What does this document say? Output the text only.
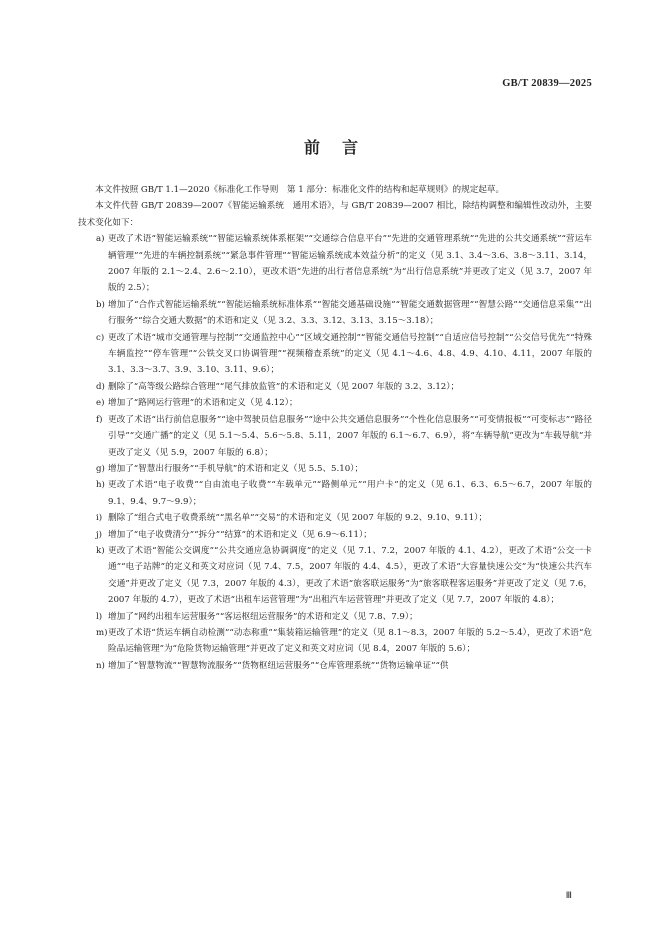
GB/T 20839—2025
前言

本文件按照 GB/T 1.1—2020《标准化工作导则　第 1 部分：标准化文件的结构和起草规则》的规定起草。

本文件代替 GB/T 20839—2007《智能运输系统　通用术语》，与 GB/T 20839—2007 相比，除结构调整和编辑性改动外，主要技术变化如下：

a) 更改了术语“智能运输系统”“智能运输系统体系框架”“交通综合信息平台”“先进的交通管理系统”“先进的公共交通系统”“营运车辆管理”“先进的车辆控制系统”“紧急事件管理”“智能运输系统成本效益分析”的定义（见 3.1、3.4～3.6、3.8～3.11、3.14，2007 年版的 2.1～2.4、2.6～2.10），更改术语“先进的出行者信息系统”为“出行信息系统”并更改了定义（见 3.7，2007 年版的 2.5）；
b) 增加了“合作式智能运输系统”“智能运输系统标准体系”“智能交通基础设施”“智能交通数据管理”“智慧公路”“交通信息采集”“出行服务”“综合交通大数据”的术语和定义（见 3.2、3.3、3.12、3.13、3.15～3.18）；
c) 更改了术语“城市交通管理与控制”“交通监控中心”“区域交通控制”“智能交通信号控制”“自适应信号控制”“公交信号优先”“特殊车辆监控”“停车管理”“公铁交叉口协调管理”“视频稽查系统”的定义（见 4.1～4.6、4.8、4.9、4.10、4.11，2007 年版的 3.1、3.3～3.7、3.9、3.10、3.11、9.6）；
d) 删除了“高等级公路综合管理”“尾气排放监管”的术语和定义（见 2007 年版的 3.2、3.12）；
e) 增加了“路网运行管理”的术语和定义（见 4.12）；
f) 更改了术语“出行前信息服务”“途中驾驶员信息服务”“途中公共交通信息服务”“个性化信息服务”“可变情报板”“可变标志”“路径引导”“交通广播”的定义（见 5.1～5.4、5.6～5.8、5.11，2007 年版的 6.1～6.7、6.9），将“车辆导航”更改为“车载导航”并更改了定义（见 5.9，2007 年版的 6.8）；
g) 增加了“智慧出行服务”“手机导航”的术语和定义（见 5.5、5.10）；
h) 更改了术语“电子收费”“自由流电子收费”“车载单元”“路侧单元”“用户卡”的定义（见 6.1、6.3、6.5～6.7，2007 年版的 9.1、9.4、9.7～9.9）；
i) 删除了“组合式电子收费系统”“黑名单”“交易”的术语和定义（见 2007 年版的 9.2、9.10、9.11）；
j) 增加了“电子收费清分”“拆分”“结算”的术语和定义（见 6.9～6.11）；
k) 更改了术语“智能公交调度”“公共交通应急协调调度”的定义（见 7.1、7.2，2007 年版的 4.1、4.2），更改了术语“公交一卡通”“电子站牌”的定义和英文对应词（见 7.4、7.5，2007 年版的 4.4、4.5），更改了术语“大容量快速公交”为“快速公共汽车交通”并更改了定义（见 7.3，2007 年版的 4.3），更改了术语“旅客联运服务”为“旅客联程客运服务”并更改了定义（见 7.6，2007 年版的 4.7），更改了术语“出租车运营管理”为“出租汽车运营管理”并更改了定义（见 7.7，2007 年版的 4.8）；
l) 增加了“网约出租车运营服务”“客运枢纽运营服务”的术语和定义（见 7.8、7.9）；
m) 更改了术语“货运车辆自动检测”“动态称重”“集装箱运输管理”的定义（见 8.1～8.3，2007 年版的 5.2～5.4），更改了术语“危险品运输管理”为“危险货物运输管理”并更改了定义和英文对应词（见 8.4，2007 年版的 5.6）；
n) 增加了“智慧物流”“智慧物流服务”“货物枢纽运营服务”“仓库管理系统”“货物运输单证”“供
Ⅲ
